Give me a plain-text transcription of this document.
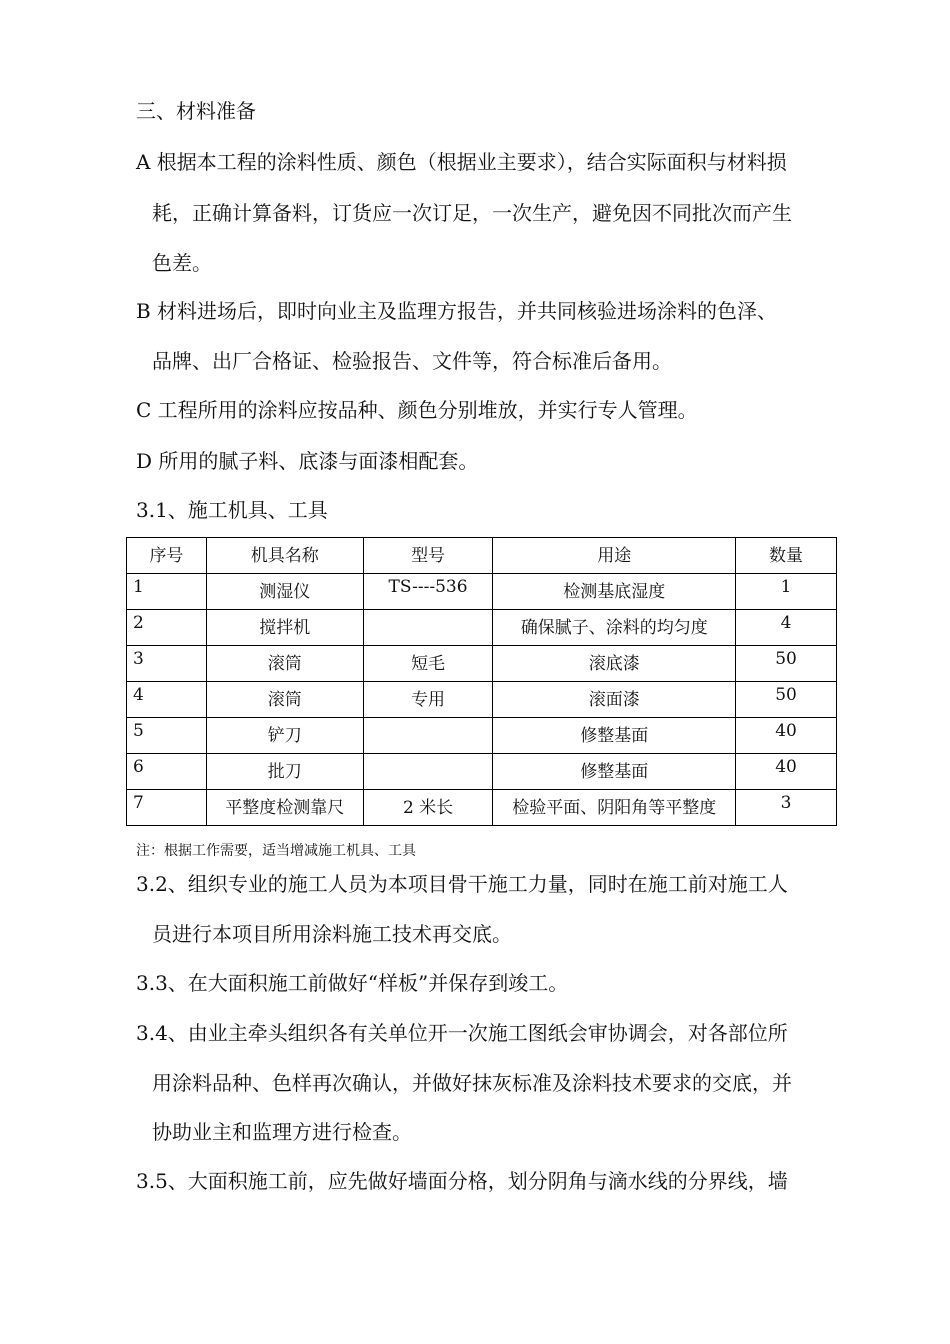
三、材料准备
A 根据本工程的涂料性质、颜色（根据业主要求），结合实际面积与材料损
耗，正确计算备料，订货应一次订足，一次生产，避免因不同批次而产生
色差。
B 材料进场后，即时向业主及监理方报告，并共同核验进场涂料的色泽、
品牌、出厂合格证、检验报告、文件等，符合标准后备用。
C 工程所用的涂料应按品种、颜色分别堆放，并实行专人管理。
D 所用的腻子料、底漆与面漆相配套。
3.1、施工机具、工具
序号	机具名称	型号	用途	数量
1	测湿仪	TS----536	检测基底湿度	1
2	搅拌机		确保腻子、涂料的均匀度	4
3	滚筒	短毛	滚底漆	50
4	滚筒	专用	滚面漆	50
5	铲刀		修整基面	40
6	批刀		修整基面	40
7	平整度检测靠尺	2 米长	检验平面、阴阳角等平整度	3
注：根据工作需要，适当增减施工机具、工具
3.2、组织专业的施工人员为本项目骨干施工力量，同时在施工前对施工人
员进行本项目所用涂料施工技术再交底。
3.3、在大面积施工前做好“样板”并保存到竣工。
3.4、由业主牵头组织各有关单位开一次施工图纸会审协调会，对各部位所
用涂料品种、色样再次确认，并做好抹灰标准及涂料技术要求的交底，并
协助业主和监理方进行检查。
3.5、大面积施工前，应先做好墙面分格，划分阴角与滴水线的分界线，墙
